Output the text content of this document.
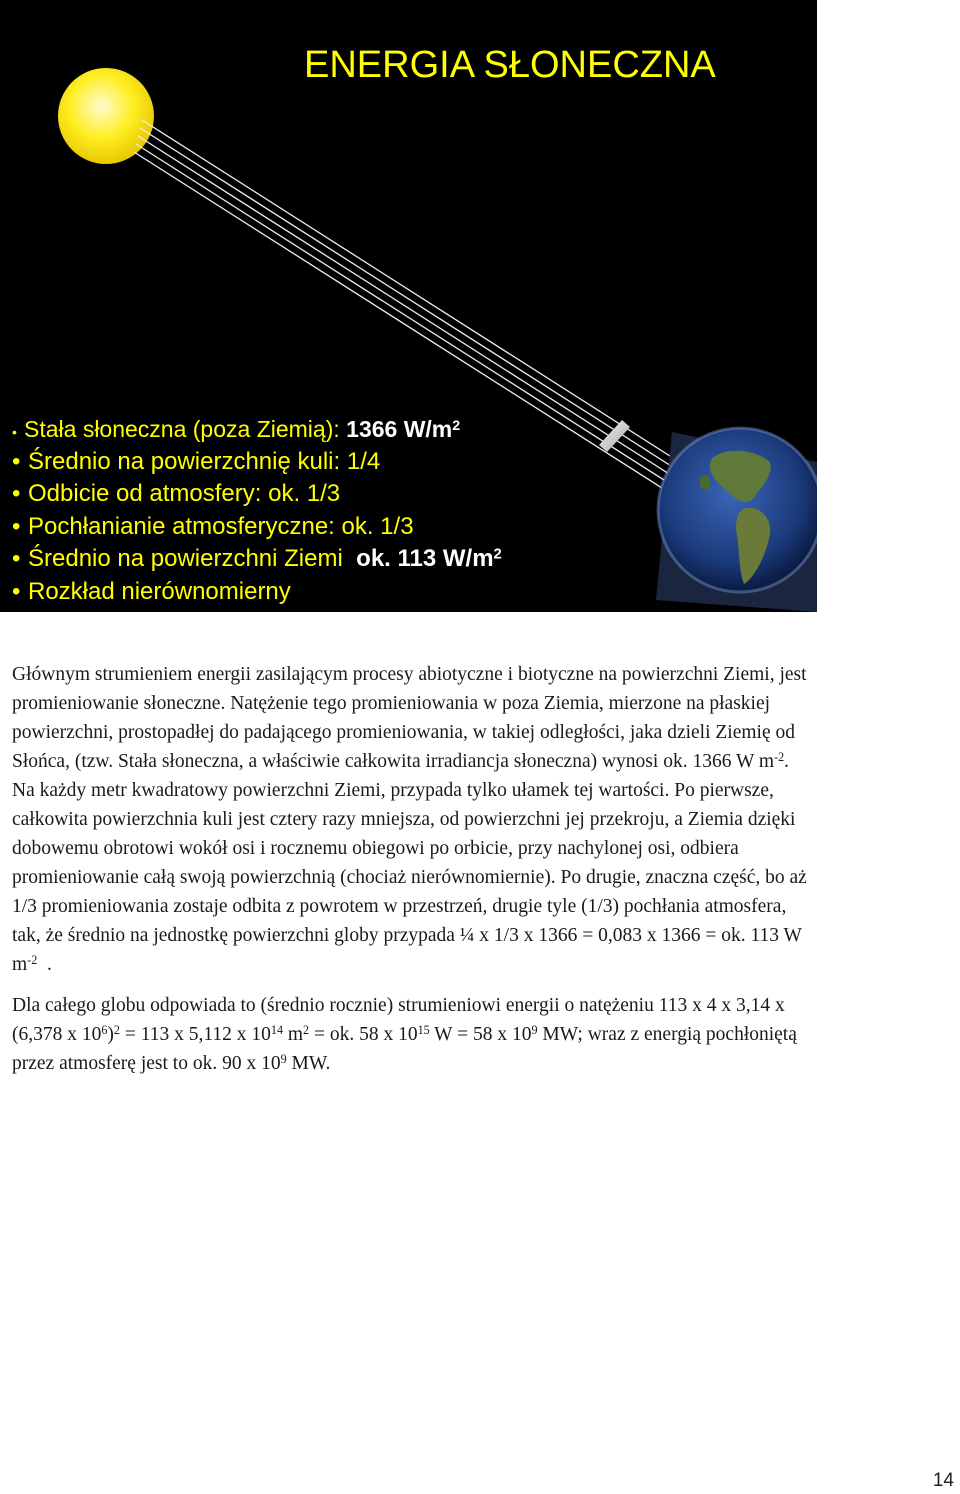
ENERGIA SŁONECZNA
• Stała słoneczna (poza Ziemią): 1366 $W/m^2$
• Średnio na powierzchnię kuli: 1/4
• Odbicie od atmosfery: ok. 1/3
• Pochłanianie atmosferyczne: ok. 1/3
• Średnio na powierzchni Ziemi  ok. 113 $W/m^2$
• Rozkład nierównomierny

Głównym strumieniem energii zasilającym procesy abiotyczne i biotyczne na powierzchni Ziemi, jest promieniowanie słoneczne. Natężenie tego promieniowania w poza Ziemia, mierzone na płaskiej powierzchni, prostopadłej do padającego promieniowania, w takiej odległości, jaka dzieli Ziemię od Słońca, (tzw. Stała słoneczna, a właściwie całkowita irradiancja słoneczna) wynosi ok. 1366 W $m^{-2}$. Na każdy metr kwadratowy powierzchni Ziemi, przypada tylko ułamek tej wartości. Po pierwsze, całkowita powierzchnia kuli jest cztery razy mniejsza, od powierzchni jej przekroju, a Ziemia dzięki dobowemu obrotowi wokół osi i rocznemu obiegowi po orbicie, przy nachylonej osi, odbiera promieniowanie całą swoją powierzchnią (chociaż nierównomiernie). Po drugie, znaczna część, bo aż 1/3 promieniowania zostaje odbita z powrotem w przestrzeń, drugie tyle (1/3) pochłania atmosfera, tak, że średnio na jednostkę powierzchni globy przypada ¼ x 1/3 x 1366 = 0,083 x 1366 = ok. 113 W $m^{-2}$  .

Dla całego globu odpowiada to (średnio rocznie) strumieniowi energii o natężeniu 113 x 4 x 3,14 x (6,378 x $10^6)^2 = 113$ x 5,112 x $10^{14}$ $m^2$ = ok. 58 x $10^{15}$ W = 58 x $10^9$ MW; wraz z energią pochłoniętą przez atmosferę jest to ok. 90 x $10^9$ MW.

14
